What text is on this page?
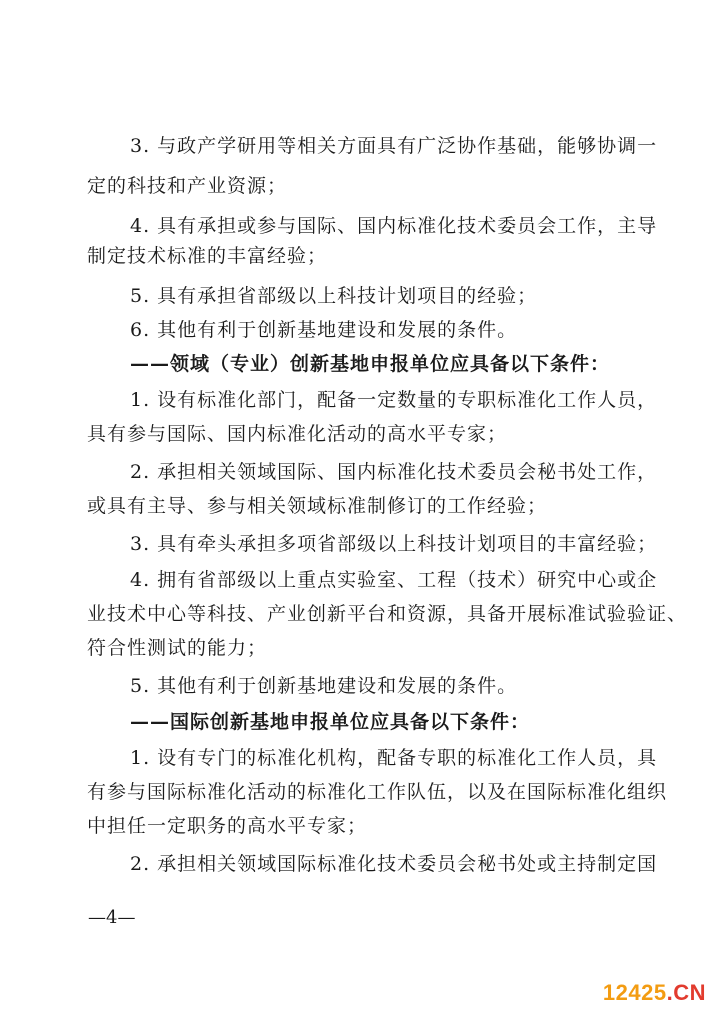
3. 与政产学研用等相关方面具有广泛协作基础，能够协调一
定的科技和产业资源；
4. 具有承担或参与国际、国内标准化技术委员会工作，主导
制定技术标准的丰富经验；
5. 具有承担省部级以上科技计划项目的经验；
6. 其他有利于创新基地建设和发展的条件。
——领域（专业）创新基地申报单位应具备以下条件：
1. 设有标准化部门，配备一定数量的专职标准化工作人员，
具有参与国际、国内标准化活动的高水平专家；
2. 承担相关领域国际、国内标准化技术委员会秘书处工作，
或具有主导、参与相关领域标准制修订的工作经验；
3. 具有牵头承担多项省部级以上科技计划项目的丰富经验；
4. 拥有省部级以上重点实验室、工程（技术）研究中心或企
业技术中心等科技、产业创新平台和资源，具备开展标准试验验证、
符合性测试的能力；
5. 其他有利于创新基地建设和发展的条件。
——国际创新基地申报单位应具备以下条件：
1. 设有专门的标准化机构，配备专职的标准化工作人员，具
有参与国际标准化活动的标准化工作队伍，以及在国际标准化组织
中担任一定职务的高水平专家；
2. 承担相关领域国际标准化技术委员会秘书处或主持制定国
—4—
12425.CN
